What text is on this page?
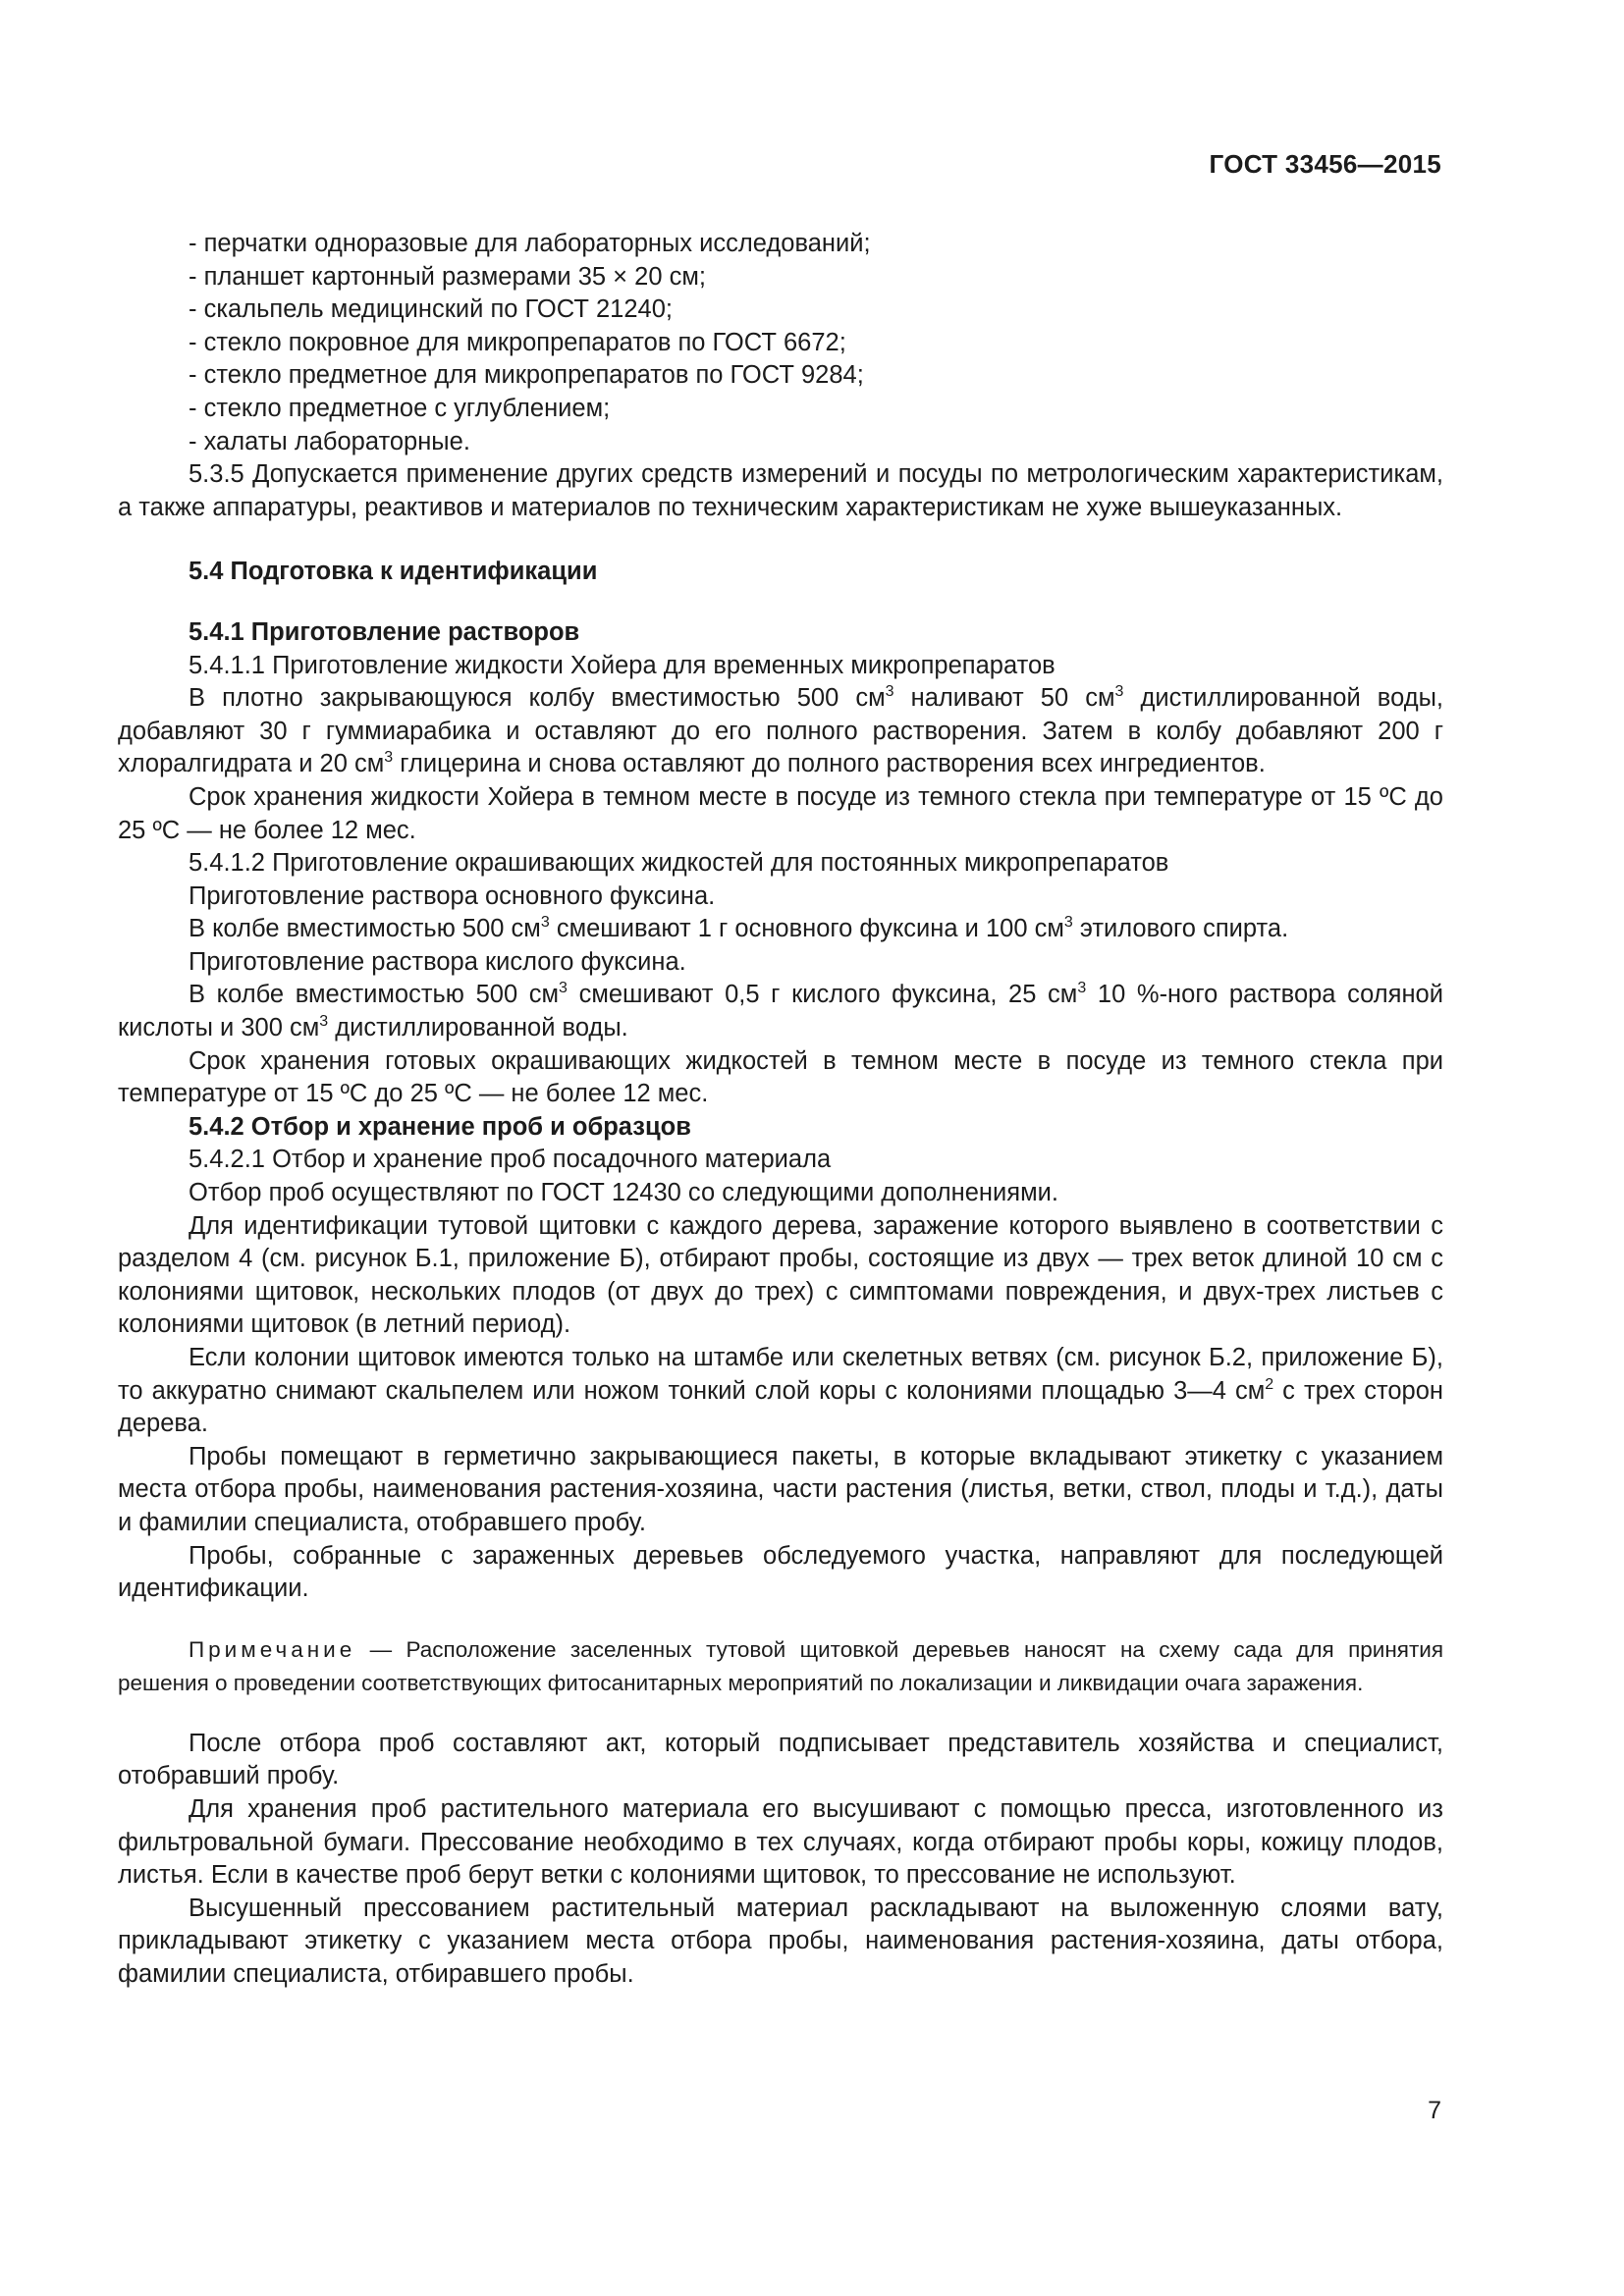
ГОСТ 33456—2015
- перчатки одноразовые для лабораторных исследований;
- планшет картонный размерами 35 × 20 см;
- скальпель медицинский по ГОСТ 21240;
- стекло покровное для микропрепаратов по ГОСТ 6672;
- стекло предметное для микропрепаратов по ГОСТ 9284;
- стекло предметное с углублением;
- халаты лабораторные.

5.3.5 Допускается применение других средств измерений и посуды по метрологическим характеристикам, а также аппаратуры, реактивов и материалов по техническим характеристикам не хуже вышеуказанных.

5.4 Подготовка к идентификации
5.4.1 Приготовление растворов

5.4.1.1 Приготовление жидкости Хойера для временных микропрепаратов

В плотно закрывающуюся колбу вместимостью 500 $см^3$ наливают 50 $см^3$ дистиллированной воды, добавляют 30 г гуммиарабика и оставляют до его полного растворения. Затем в колбу добавляют 200 г хлоралгидрата и 20 $см^3$ глицерина и снова оставляют до полного растворения всех ингредиентов.

Срок хранения жидкости Хойера в темном месте в посуде из темного стекла при температуре от 15 ºС до 25 ºС — не более 12 мес.

5.4.1.2 Приготовление окрашивающих жидкостей для постоянных микропрепаратов

Приготовление раствора основного фуксина.

В колбе вместимостью 500 $см^3$ смешивают 1 г основного фуксина и 100 $см^3$ этилового спирта.

Приготовление раствора кислого фуксина.

В колбе вместимостью 500 $см^3$ смешивают 0,5 г кислого фуксина, 25 $см^3$ 10 %-ного раствора соляной кислоты и 300 $см^3$ дистиллированной воды.

Срок хранения готовых окрашивающих жидкостей в темном месте в посуде из темного стекла при температуре от 15 ºС до 25 ºС — не более 12 мес.

5.4.2 Отбор и хранение проб и образцов

5.4.2.1 Отбор и хранение проб посадочного материала

Отбор проб осуществляют по ГОСТ 12430 со следующими дополнениями.

Для идентификации тутовой щитовки с каждого дерева, заражение которого выявлено в соответствии с разделом 4 (см. рисунок Б.1, приложение Б), отбирают пробы, состоящие из двух — трех веток длиной 10 см с колониями щитовок, нескольких плодов (от двух до трех) с симптомами повреждения, и двух-трех листьев с колониями щитовок (в летний период).

Если колонии щитовок имеются только на штамбе или скелетных ветвях (см. рисунок Б.2, приложение Б), то аккуратно снимают скальпелем или ножом тонкий слой коры с колониями площадью 3—4 $см^2$ с трех сторон дерева.

Пробы помещают в герметично закрывающиеся пакеты, в которые вкладывают этикетку с указанием места отбора пробы, наименования растения-хозяина, части растения (листья, ветки, ствол, плоды и т.д.), даты и фамилии специалиста, отобравшего пробу.

Пробы, собранные с зараженных деревьев обследуемого участка, направляют для последующей идентификации.

Примечание — Расположение заселенных тутовой щитовкой деревьев наносят на схему сада для принятия решения о проведении соответствующих фитосанитарных мероприятий по локализации и ликвидации очага заражения.

После отбора проб составляют акт, который подписывает представитель хозяйства и специалист, отобравший пробу.

Для хранения проб растительного материала его высушивают с помощью пресса, изготовленного из фильтровальной бумаги. Прессование необходимо в тех случаях, когда отбирают пробы коры, кожицу плодов, листья. Если в качестве проб берут ветки с колониями щитовок, то прессование не используют.

Высушенный прессованием растительный материал раскладывают на выложенную слоями вату, прикладывают этикетку с указанием места отбора пробы, наименования растения-хозяина, даты отбора, фамилии специалиста, отбиравшего пробы.

7
